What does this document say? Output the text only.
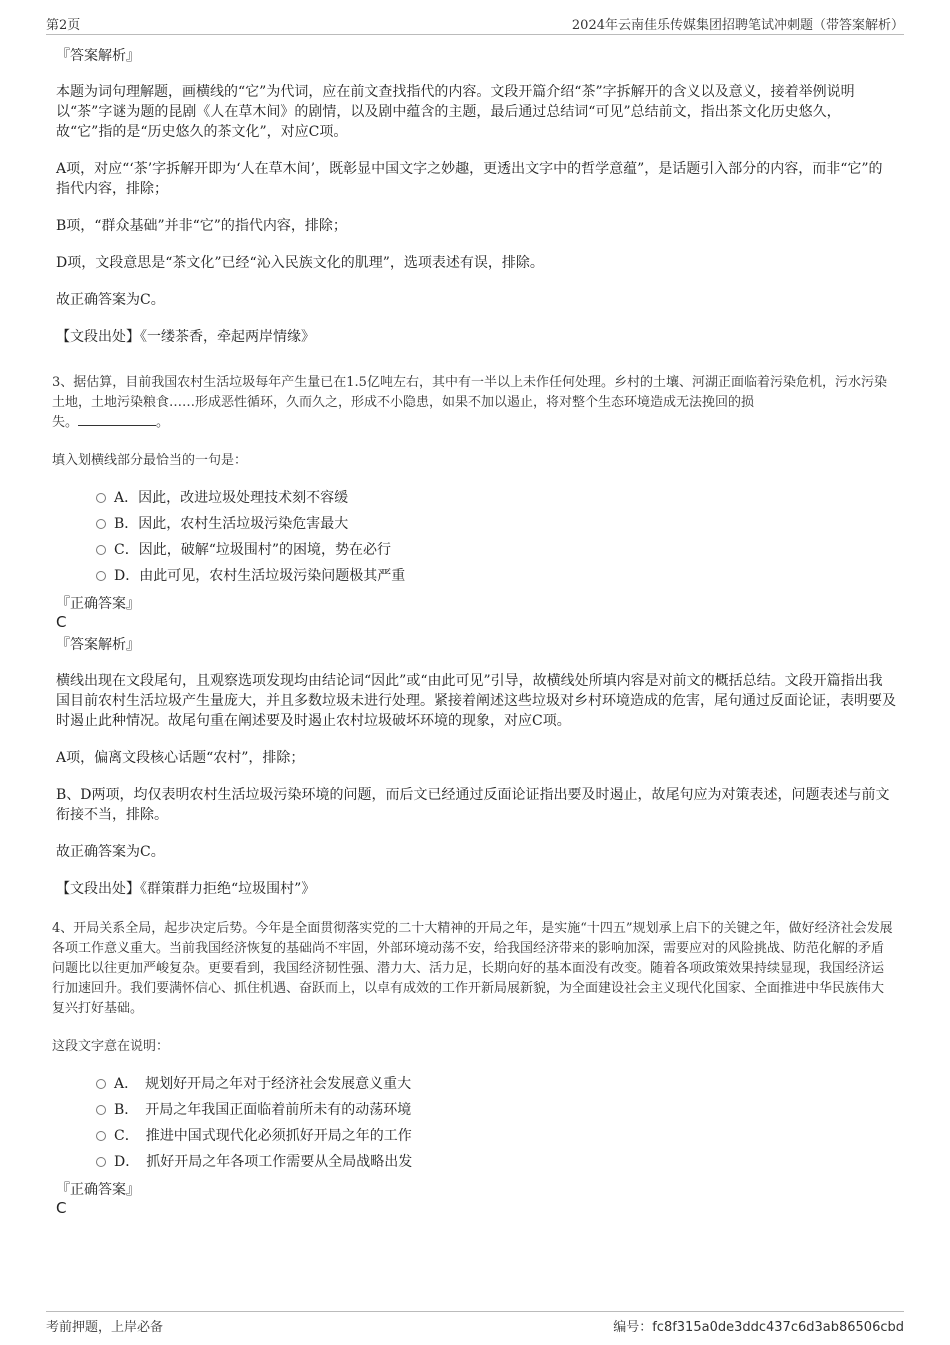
第2页	2024年云南佳乐传媒集团招聘笔试冲刺题（带答案解析）

『答案解析』

本题为词句理解题，画横线的“它”为代词，应在前文查找指代的内容。文段开篇介绍“茶”字拆解开的含义以及意义，接着举例说明以“茶”字谜为题的昆剧《人在草木间》的剧情，以及剧中蕴含的主题，最后通过总结词“可见”总结前文，指出茶文化历史悠久，故“它”指的是“历史悠久的茶文化”，对应C项。

A项，对应“‘茶’字拆解开即为‘人在草木间’，既彰显中国文字之妙趣，更透出文字中的哲学意蕴”，是话题引入部分的内容，而非“它”的指代内容，排除；

B项，“群众基础”并非“它”的指代内容，排除；

D项，文段意思是“茶文化”已经“沁入民族文化的肌理”，选项表述有误，排除。

故正确答案为C。

【文段出处】《一缕茶香，牵起两岸情缘》

3、据估算，目前我国农村生活垃圾每年产生量已在1.5亿吨左右，其中有一半以上未作任何处理。乡村的土壤、河湖正面临着污染危机，污水污染土地，土地污染粮食……形成恶性循环，久而久之，形成不小隐患，如果不加以遏止，将对整个生态环境造成无法挽回的损
失。	。

填入划横线部分最恰当的一句是：

A．因此，改进垃圾处理技术刻不容缓
B．因此，农村生活垃圾污染危害最大
C．因此，破解“垃圾围村”的困境，势在必行
D．由此可见，农村生活垃圾污染问题极其严重

『正确答案』

C

『答案解析』

横线出现在文段尾句，且观察选项发现均由结论词“因此”或“由此可见”引导，故横线处所填内容是对前文的概括总结。文段开篇指出我国目前农村生活垃圾产生量庞大，并且多数垃圾未进行处理。紧接着阐述这些垃圾对乡村环境造成的危害，尾句通过反面论证，表明要及时遏止此种情况。故尾句重在阐述要及时遏止农村垃圾破坏环境的现象，对应C项。

A项，偏离文段核心话题“农村”，排除；

B、D两项，均仅表明农村生活垃圾污染环境的问题，而后文已经通过反面论证指出要及时遏止，故尾句应为对策表述，问题表述与前文衔接不当，排除。

故正确答案为C。

【文段出处】《群策群力拒绝“垃圾围村”》

4、开局关系全局，起步决定后势。今年是全面贯彻落实党的二十大精神的开局之年，是实施“十四五”规划承上启下的关键之年，做好经济社会发展各项工作意义重大。当前我国经济恢复的基础尚不牢固，外部环境动荡不安，给我国经济带来的影响加深，需要应对的风险挑战、防范化解的矛盾问题比以往更加严峻复杂。更要看到，我国经济韧性强、潜力大、活力足，长期向好的基本面没有改变。随着各项政策效果持续显现，我国经济运行加速回升。我们要满怀信心、抓住机遇、奋跃而上，以卓有成效的工作开新局展新貌，为全面建设社会主义现代化国家、全面推进中华民族伟大复兴打好基础。

这段文字意在说明：

A．　规划好开局之年对于经济社会发展意义重大
B．　开局之年我国正面临着前所未有的动荡环境
C．　推进中国式现代化必须抓好开局之年的工作
D．　抓好开局之年各项工作需要从全局战略出发

『正确答案』

C

考前押题，上岸必备	编号：fc8f315a0de3ddc437c6d3ab86506cbd
